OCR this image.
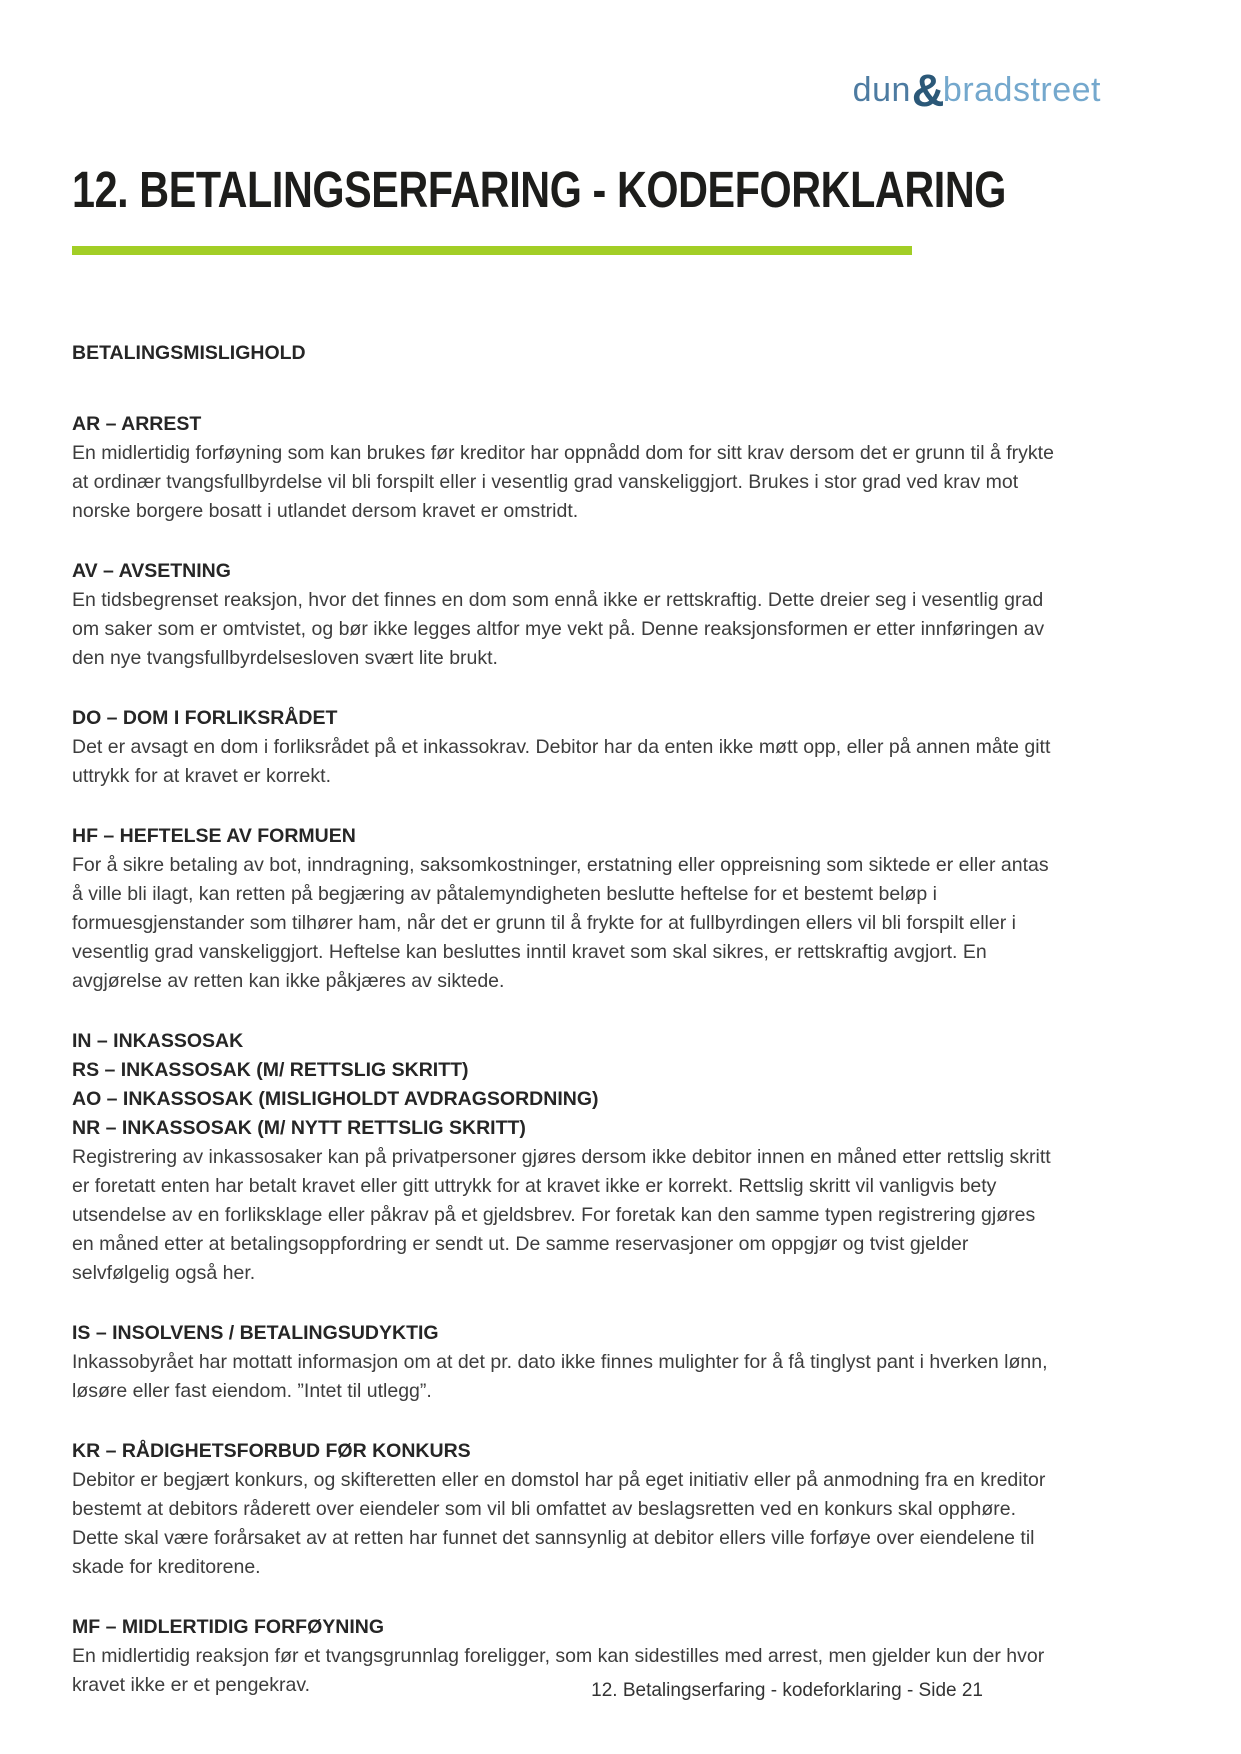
dun&bradstreet
12. BETALINGSERFARING - KODEFORKLARING
BETALINGSMISLIGHOLD
AR – ARREST

En midlertidig forføyning som kan brukes før kreditor har oppnådd dom for sitt krav dersom det er grunn til å frykte at ordinær tvangsfullbyrdelse vil bli forspilt eller i vesentlig grad vanskeliggjort. Brukes i stor grad ved krav mot norske borgere bosatt i utlandet dersom kravet er omstridt.

AV – AVSETNING

En tidsbegrenset reaksjon, hvor det finnes en dom som ennå ikke er rettskraftig. Dette dreier seg i vesentlig grad om saker som er omtvistet, og bør ikke legges altfor mye vekt på. Denne reaksjonsformen er etter innføringen av den nye tvangsfullbyrdelsesloven svært lite brukt.

DO – DOM I FORLIKSRÅDET

Det er avsagt en dom i forliksrådet på et inkassokrav. Debitor har da enten ikke møtt opp, eller på annen måte gitt uttrykk for at kravet er korrekt.

HF – HEFTELSE AV FORMUEN

For å sikre betaling av bot, inndragning, saksomkostninger, erstatning eller oppreisning som siktede er eller antas å ville bli ilagt, kan retten på begjæring av påtalemyndigheten beslutte heftelse for et bestemt beløp i formuesgjenstander som tilhører ham, når det er grunn til å frykte for at fullbyrdingen ellers vil bli forspilt eller i vesentlig grad vanskeliggjort. Heftelse kan besluttes inntil kravet som skal sikres, er rettskraftig avgjort. En avgjørelse av retten kan ikke påkjæres av siktede.

IN – INKASSOSAK
RS – INKASSOSAK (M/ RETTSLIG SKRITT)
AO – INKASSOSAK (MISLIGHOLDT AVDRAGSORDNING)
NR – INKASSOSAK (M/ NYTT RETTSLIG SKRITT)

Registrering av inkassosaker kan på privatpersoner gjøres dersom ikke debitor innen en måned etter rettslig skritt er foretatt enten har betalt kravet eller gitt uttrykk for at kravet ikke er korrekt. Rettslig skritt vil vanligvis bety utsendelse av en forliksklage eller påkrav på et gjeldsbrev. For foretak kan den samme typen registrering gjøres en måned etter at betalingsoppfordring er sendt ut. De samme reservasjoner om oppgjør og tvist gjelder selvfølgelig også her.

IS – INSOLVENS / BETALINGSUDYKTIG

Inkassobyrået har mottatt informasjon om at det pr. dato ikke finnes mulighter for å få tinglyst pant i hverken lønn, løsøre eller fast eiendom. ”Intet til utlegg”.

KR – RÅDIGHETSFORBUD FØR KONKURS

Debitor er begjært konkurs, og skifteretten eller en domstol har på eget initiativ eller på anmodning fra en kreditor bestemt at debitors råderett over eiendeler som vil bli omfattet av beslagsretten ved en konkurs skal opphøre. Dette skal være forårsaket av at retten har funnet det sannsynlig at debitor ellers ville forføye over eiendelene til skade for kreditorene.

MF – MIDLERTIDIG FORFØYNING

En midlertidig reaksjon før et tvangsgrunnlag foreligger, som kan sidestilles med arrest, men gjelder kun der hvor kravet ikke er et pengekrav.	12. Betalingserfaring - kodeforklaring - Side 21
